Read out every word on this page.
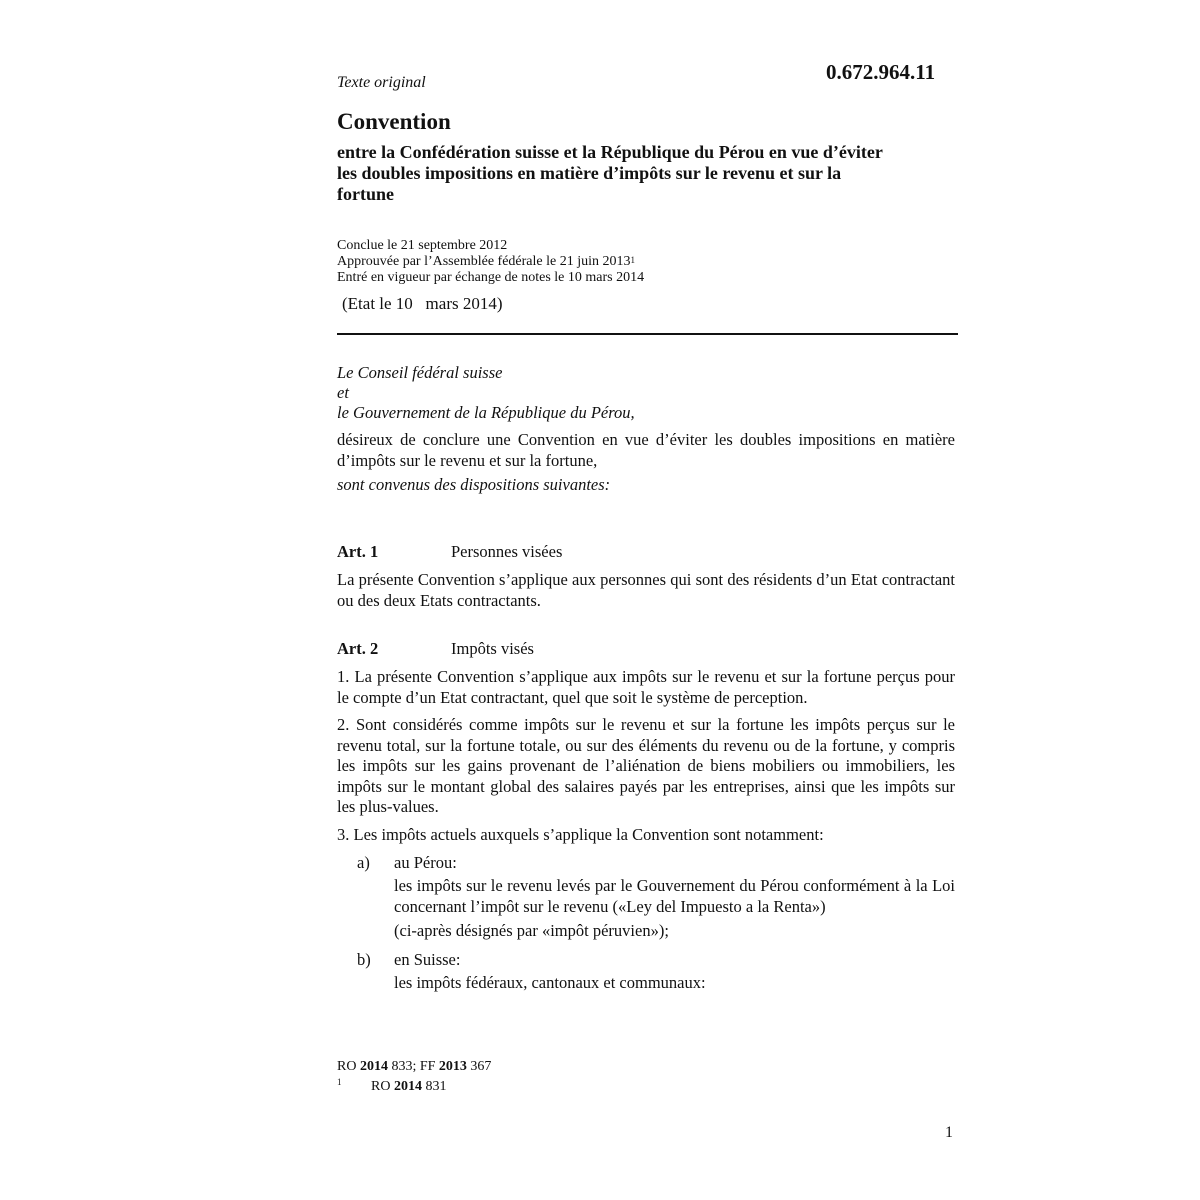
0.672.964.11
Texte original
Convention
entre la Confédération suisse et la République du Pérou en vue d’éviter les doubles impositions en matière d’impôts sur le revenu et sur la fortune
Conclue le 21 septembre 2012
Approuvée par l’Assemblée fédérale le 21 juin 2013$^1$
Entré en vigueur par échange de notes le 10 mars 2014
(Etat le 10   mars 2014)
Le Conseil fédéral suisse
et
le Gouvernement de la République du Pérou,
désireux de conclure une Convention en vue d’éviter les doubles impositions en matière d’impôts sur le revenu et sur la fortune,
sont convenus des dispositions suivantes:
Art. 1	Personnes visées
La présente Convention s’applique aux personnes qui sont des résidents d’un Etat contractant ou des deux Etats contractants.
Art. 2	Impôts visés
1. La présente Convention s’applique aux impôts sur le revenu et sur la fortune perçus pour le compte d’un Etat contractant, quel que soit le système de perception.
2. Sont considérés comme impôts sur le revenu et sur la fortune les impôts perçus sur le revenu total, sur la fortune totale, ou sur des éléments du revenu ou de la fortune, y compris les impôts sur les gains provenant de l’aliénation de biens mobiliers ou immobiliers, les impôts sur le montant global des salaires payés par les entreprises, ainsi que les impôts sur les plus-values.
3. Les impôts actuels auxquels s’applique la Convention sont notamment:
a) au Pérou:
les impôts sur le revenu levés par le Gouvernement du Pérou conformément à la Loi concernant l’impôt sur le revenu («Ley del Impuesto a la Renta»)
(ci-après désignés par «impôt péruvien»);
b) en Suisse:
les impôts fédéraux, cantonaux et communaux:
RO 2014 833; FF 2013 367
1 RO 2014 831
1
